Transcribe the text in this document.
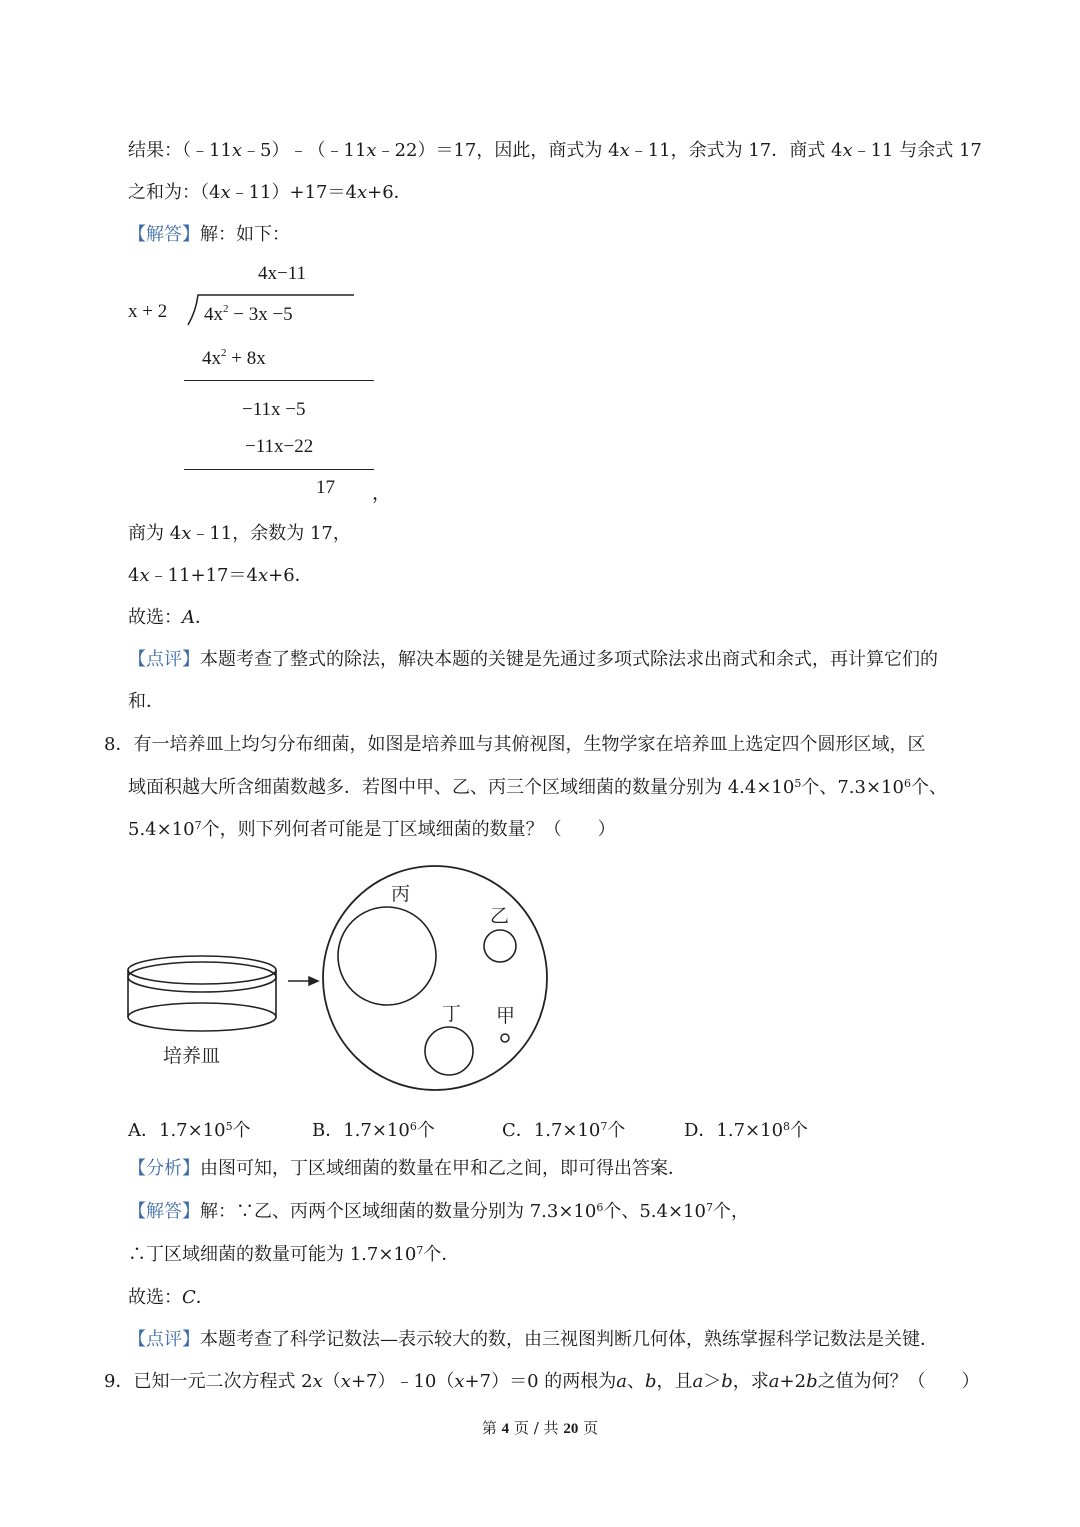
结果：（﹣11x﹣5）﹣（﹣11x﹣22）＝17，因此，商式为 4x﹣11，余式为 17．商式 4x﹣11 与余式 17
之和为：（4x﹣11）+17＝4x+6．
【解答】解：如下：
4x−11
x + 2 $4x^2 - 3x -5$
$4x^2 + 8x$
−11x −5
−11x−22
17 ，
商为 4x﹣11，余数为 17，
4x﹣11+17＝4x+6．
故选：A．
【点评】本题考查了整式的除法，解决本题的关键是先通过多项式除法求出商式和余式，再计算它们的
和．
8．有一培养皿上均匀分布细菌，如图是培养皿与其俯视图，生物学家在培养皿上选定四个圆形区域，区
域面积越大所含细菌数越多．若图中甲、乙、丙三个区域细菌的数量分别为 $4.4\times 10^5$个、$7.3\times 10^6$个、
$5.4\times 10^7$个，则下列何者可能是丁区域细菌的数量？（　　）
丙
乙
丁 甲
培养皿
A．$1.7\times 10^5$个	B．$1.7\times 10^6$个	C．$1.7\times 10^7$个	D．$1.7\times 10^8$个
【分析】由图可知，丁区域细菌的数量在甲和乙之间，即可得出答案．
【解答】解：∵乙、丙两个区域细菌的数量分别为 $7.3\times 10^6$个、$5.4\times 10^7$个，
∴丁区域细菌的数量可能为 $1.7\times 10^7$个．
故选：C．
【点评】本题考查了科学记数法—表示较大的数，由三视图判断几何体，熟练掌握科学记数法是关键．
9．已知一元二次方程式 2x（x+7）﹣10（x+7）＝0 的两根为a、b，且a＞b，求a+2b之值为何？（　　）
第 4 页 / 共 20 页
